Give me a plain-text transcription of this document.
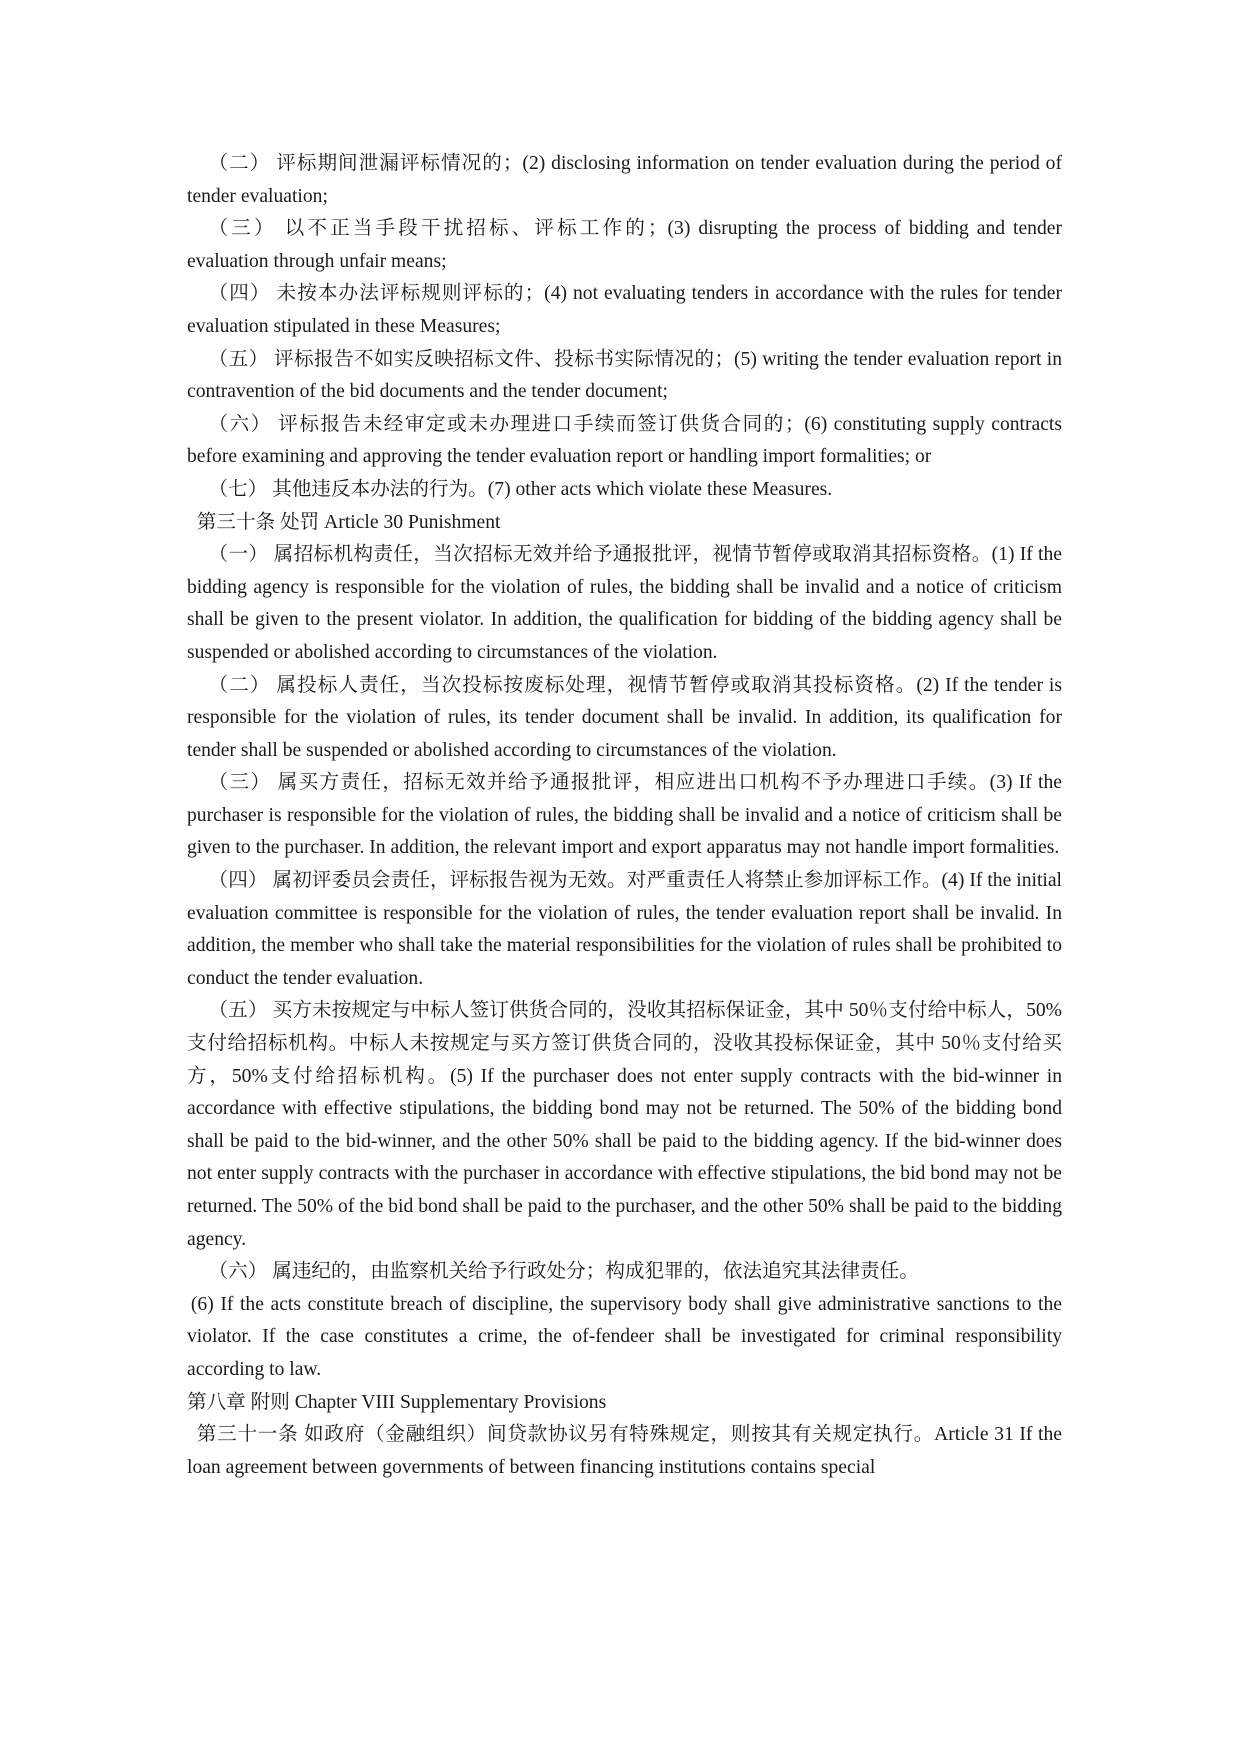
（二） 评标期间泄漏评标情况的；(2) disclosing information on tender evaluation during the period of tender evaluation;

（三） 以不正当手段干扰招标、评标工作的；(3) disrupting the process of bidding and tender evaluation through unfair means;

（四） 未按本办法评标规则评标的；(4) not evaluating tenders in accordance with the rules for tender evaluation stipulated in these Measures;

（五） 评标报告不如实反映招标文件、投标书实际情况的；(5) writing the tender evaluation report in contravention of the bid documents and the tender document;

（六） 评标报告未经审定或未办理进口手续而签订供货合同的；(6) constituting supply contracts before examining and approving the tender evaluation report or handling import formalities; or

（七） 其他违反本办法的行为。(7) other acts which violate these Measures.

第三十条 处罚 Article 30 Punishment

（一） 属招标机构责任，当次招标无效并给予通报批评，视情节暂停或取消其招标资格。(1) If the bidding agency is responsible for the violation of rules, the bidding shall be invalid and a notice of criticism shall be given to the present violator. In addition, the qualification for bidding of the bidding agency shall be suspended or abolished according to circumstances of the violation.

（二） 属投标人责任，当次投标按废标处理，视情节暂停或取消其投标资格。(2) If the tender is responsible for the violation of rules, its tender document shall be invalid. In addition, its qualification for tender shall be suspended or abolished according to circumstances of the violation.

（三） 属买方责任，招标无效并给予通报批评，相应进出口机构不予办理进口手续。(3) If the purchaser is responsible for the violation of rules, the bidding shall be invalid and a notice of criticism shall be given to the purchaser. In addition, the relevant import and export apparatus may not handle import formalities.

（四） 属初评委员会责任，评标报告视为无效。对严重责任人将禁止参加评标工作。(4) If the initial evaluation committee is responsible for the violation of rules, the tender evaluation report shall be invalid. In addition, the member who shall take the material responsibilities for the violation of rules shall be prohibited to conduct the tender evaluation.

（五） 买方未按规定与中标人签订供货合同的，没收其招标保证金，其中 50％支付给中标人，50%支付给招标机构。中标人未按规定与买方签订供货合同的，没收其投标保证金，其中 50％支付给买方，50%支付给招标机构。(5) If the purchaser does not enter supply contracts with the bid-winner in accordance with effective stipulations, the bidding bond may not be returned. The 50% of the bidding bond shall be paid to the bid-winner, and the other 50% shall be paid to the bidding agency. If the bid-winner does not enter supply contracts with the purchaser in accordance with effective stipulations, the bid bond may not be returned. The 50% of the bid bond shall be paid to the purchaser, and the other 50% shall be paid to the bidding agency.

（六） 属违纪的，由监察机关给予行政处分；构成犯罪的，依法追究其法律责任。

(6) If the acts constitute breach of discipline, the supervisory body shall give administrative sanctions to the violator. If the case constitutes a crime, the of-fendeer shall be investigated for criminal responsibility according to law.

第八章 附则 Chapter VIII Supplementary Provisions

第三十一条 如政府（金融组织）间贷款协议另有特殊规定，则按其有关规定执行。Article 31 If the loan agreement between governments of between financing institutions contains special
